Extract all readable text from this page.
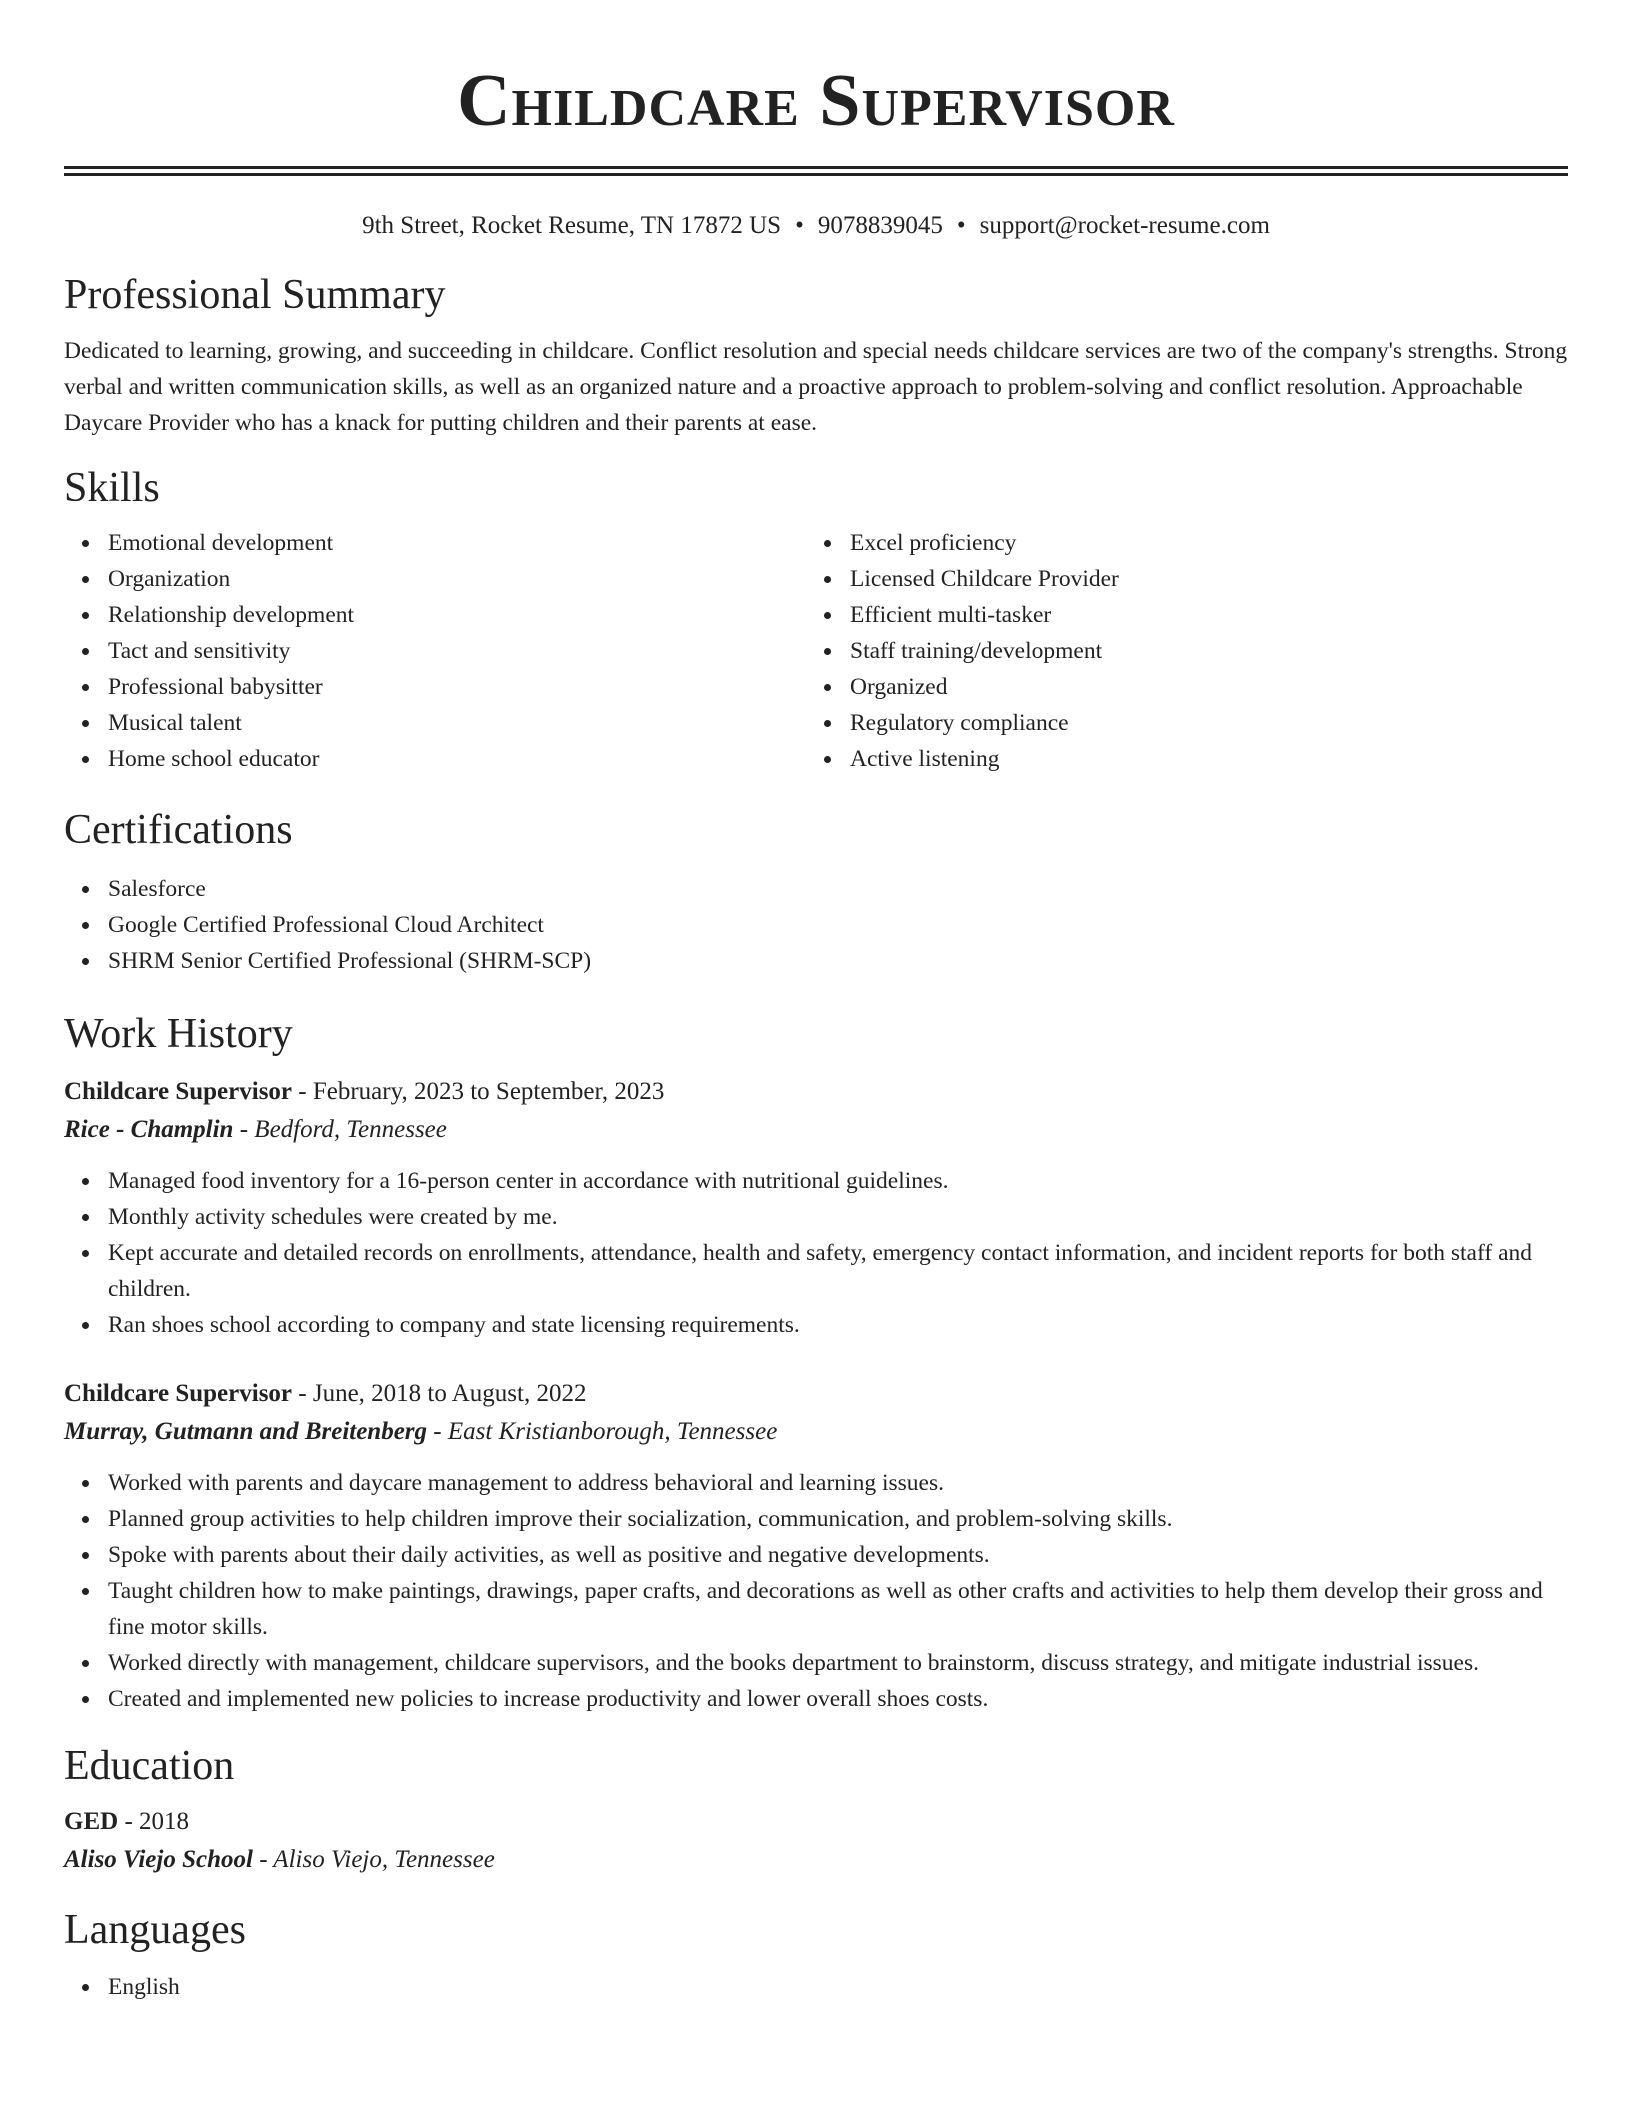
Childcare Supervisor
9th Street, Rocket Resume, TN 17872 US • 9078839045 • support@rocket-resume.com
Professional Summary

Dedicated to learning, growing, and succeeding in childcare. Conflict resolution and special needs childcare services are two of the company's strengths. Strong verbal and written communication skills, as well as an organized nature and a proactive approach to problem-solving and conflict resolution. Approachable Daycare Provider who has a knack for putting children and their parents at ease.

Skills
Emotional development
Organization
Relationship development
Tact and sensitivity
Professional babysitter
Musical talent
Home school educator
Excel proficiency
Licensed Childcare Provider
Efficient multi-tasker
Staff training/development
Organized
Regulatory compliance
Active listening
Certifications
Salesforce
Google Certified Professional Cloud Architect
SHRM Senior Certified Professional (SHRM-SCP)
Work History
Childcare Supervisor - February, 2023 to September, 2023
Rice - Champlin - Bedford, Tennessee
Managed food inventory for a 16-person center in accordance with nutritional guidelines.
Monthly activity schedules were created by me.
Kept accurate and detailed records on enrollments, attendance, health and safety, emergency contact information, and incident reports for both staff and children.
Ran shoes school according to company and state licensing requirements.
Childcare Supervisor - June, 2018 to August, 2022
Murray, Gutmann and Breitenberg - East Kristianborough, Tennessee
Worked with parents and daycare management to address behavioral and learning issues.
Planned group activities to help children improve their socialization, communication, and problem-solving skills.
Spoke with parents about their daily activities, as well as positive and negative developments.
Taught children how to make paintings, drawings, paper crafts, and decorations as well as other crafts and activities to help them develop their gross and fine motor skills.
Worked directly with management, childcare supervisors, and the books department to brainstorm, discuss strategy, and mitigate industrial issues.
Created and implemented new policies to increase productivity and lower overall shoes costs.
Education
GED - 2018
Aliso Viejo School - Aliso Viejo, Tennessee
Languages
English
